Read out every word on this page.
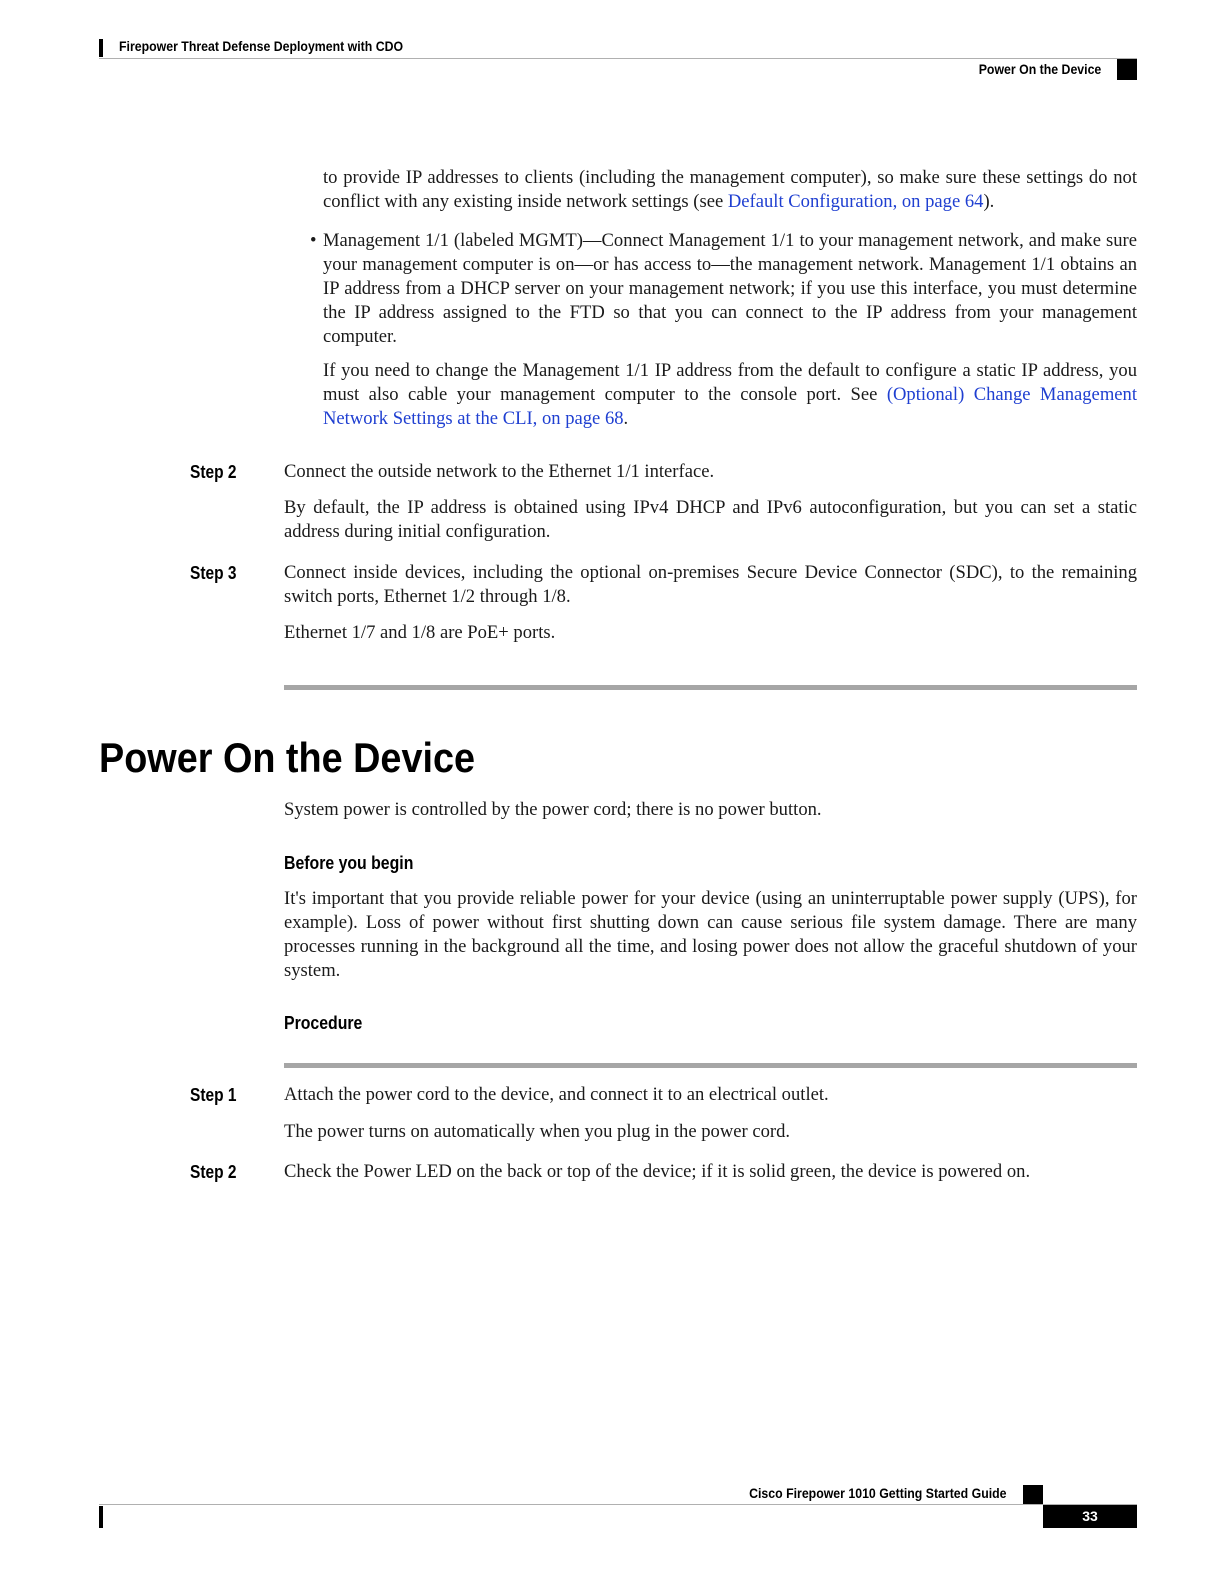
Firepower Threat Defense Deployment with CDO
Power On the Device

to provide IP addresses to clients (including the management computer), so make sure these settings do not conflict with any existing inside network settings (see Default Configuration, on page 64).

• Management 1/1 (labeled MGMT)—Connect Management 1/1 to your management network, and make sure your management computer is on—or has access to—the management network. Management 1/1 obtains an IP address from a DHCP server on your management network; if you use this interface, you must determine the IP address assigned to the FTD so that you can connect to the IP address from your management computer.

If you need to change the Management 1/1 IP address from the default to configure a static IP address, you must also cable your management computer to the console port. See (Optional) Change Management Network Settings at the CLI, on page 68.

Step 2	Connect the outside network to the Ethernet 1/1 interface.

By default, the IP address is obtained using IPv4 DHCP and IPv6 autoconfiguration, but you can set a static address during initial configuration.

Step 3	Connect inside devices, including the optional on-premises Secure Device Connector (SDC), to the remaining switch ports, Ethernet 1/2 through 1/8.

Ethernet 1/7 and 1/8 are PoE+ ports.

Power On the Device

System power is controlled by the power cord; there is no power button.

Before you begin

It's important that you provide reliable power for your device (using an uninterruptable power supply (UPS), for example). Loss of power without first shutting down can cause serious file system damage. There are many processes running in the background all the time, and losing power does not allow the graceful shutdown of your system.

Procedure
Step 1	Attach the power cord to the device, and connect it to an electrical outlet.

The power turns on automatically when you plug in the power cord.

Step 2	Check the Power LED on the back or top of the device; if it is solid green, the device is powered on.

Cisco Firepower 1010 Getting Started Guide
33
